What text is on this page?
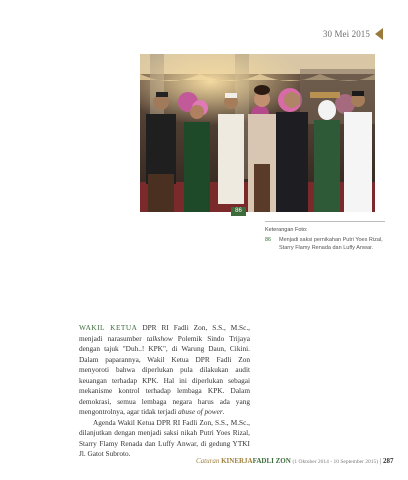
30 Mei 2015
86
Keterangan Foto:
86	Menjadi saksi pernikahan Putri Yoes Rizal, Starry Flamy Renada dan Luffy Anwar.

WAKIL KETUA DPR RI Fadli Zon, S.S., M.Sc., menjadi narasumber talkshow Polemik Sindo Trijaya dengan tajuk "Duh..! KPK", di Warung Daun, Cikini. Dalam paparannya, Wakil Ketua DPR Fadli Zon menyoroti bahwa diperlukan pula dilakukan audit keuangan terhadap KPK. Hal ini diperlukan sebagai mekanisme kontrol terhadap lembaga KPK. Dalam demokrasi, semua lembaga negara harus ada yang mengontrolnya, agar tidak terjadi abuse of power.

Agenda Wakil Ketua DPR RI Fadli Zon, S.S., M.Sc., dilanjutkan dengan menjadi saksi nikah Putri Yoes Rizal, Starry Flamy Renada dan Luffy Anwar, di gedung YTKI Jl. Gatot Subroto.

Caturan KINERJAFADLI ZON (1 Oktober 2014 - 10 September 2015) | 287
